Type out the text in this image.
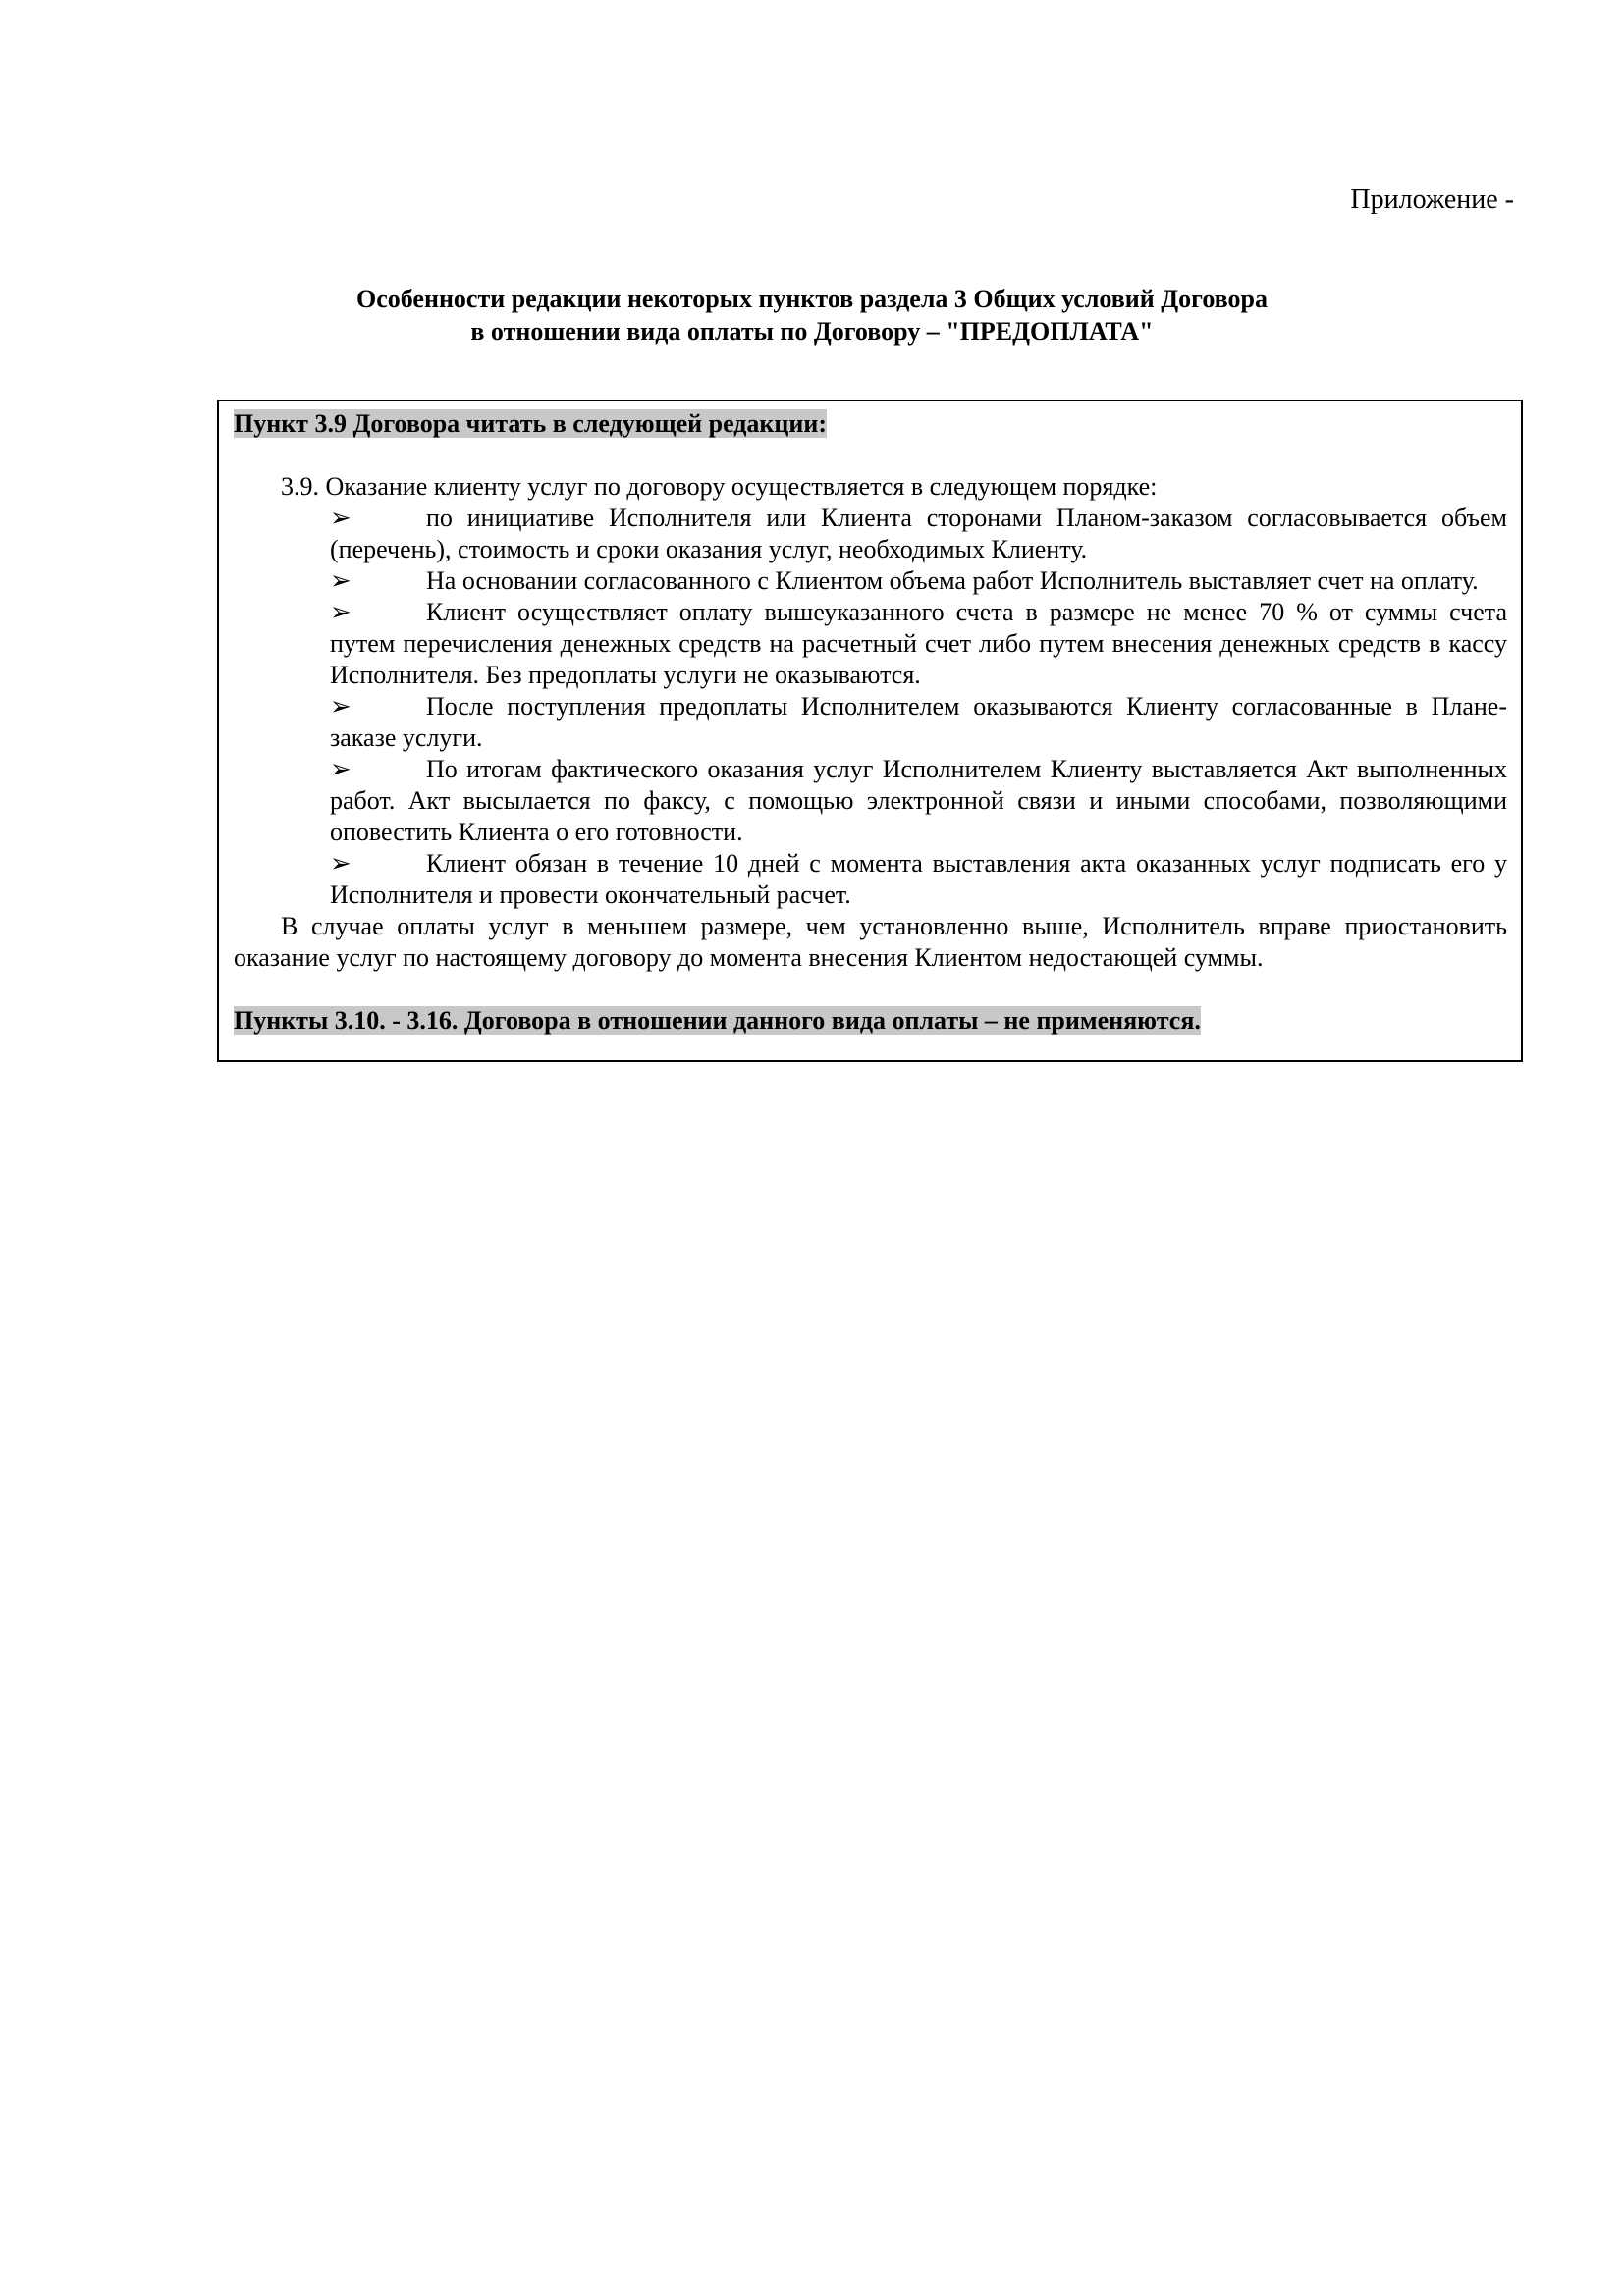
Приложение -
Особенности редакции некоторых пунктов раздела 3 Общих условий Договора
в отношении вида оплаты по Договору – "ПРЕДОПЛАТА"
Пункт 3.9 Договора читать в следующей редакции:
3.9. Оказание клиенту услуг по договору осуществляется в следующем порядке:
➢	по инициативе Исполнителя или Клиента сторонами Планом-заказом согласовывается объем (перечень), стоимость и сроки оказания услуг, необходимых Клиенту.
➢	На основании согласованного с Клиентом объема работ Исполнитель выставляет счет на оплату.
➢	Клиент осуществляет оплату вышеуказанного счета в размере не менее 70 % от суммы счета путем перечисления денежных средств на расчетный счет либо путем внесения денежных средств в кассу Исполнителя. Без предоплаты услуги не оказываются.
➢	После поступления предоплаты Исполнителем оказываются Клиенту согласованные в Плане-заказе услуги.
➢	По итогам фактического оказания услуг Исполнителем Клиенту выставляется Акт выполненных работ. Акт высылается по факсу, с помощью электронной связи и иными способами, позволяющими оповестить Клиента о его готовности.
➢	Клиент обязан в течение 10 дней с момента выставления акта оказанных услуг подписать его у Исполнителя и провести окончательный расчет.
В случае оплаты услуг в меньшем размере, чем установленно выше, Исполнитель вправе приостановить оказание услуг по настоящему договору до момента внесения Клиентом недостающей суммы.
Пункты 3.10. - 3.16. Договора в отношении данного вида оплаты – не применяются.
